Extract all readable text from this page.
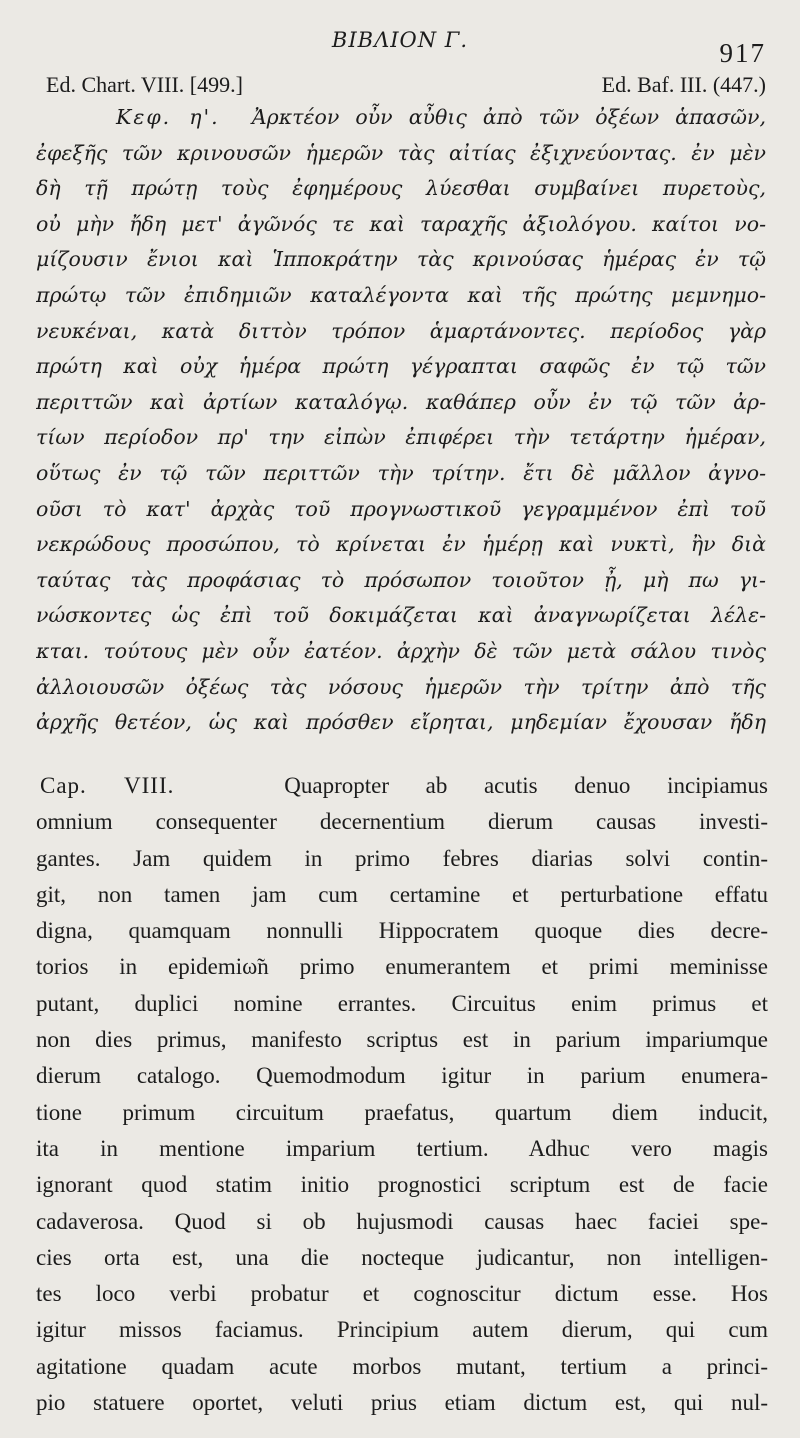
ΒΙΒΛΙΟΝ Γ.	917
Ed. Chart. VIII. [499.]	Ed. Baf. III. (447.)
Κεφ. η'. Ἀρκτέον οὖν αὖθις ἀπὸ τῶν ὀξέων ἁπασῶν,
ἐφεξῆς τῶν κρινουσῶν ἡμερῶν τὰς αἰτίας ἐξιχνεύοντας. ἐν μὲν
δὴ τῇ πρώτῃ τοὺς ἐφημέρους λύεσθαι συμβαίνει πυρετοὺς,
οὐ μὴν ἤδη μετ' ἀγῶνός τε καὶ ταραχῆς ἀξιολόγου. καίτοι νο-
μίζουσιν ἔνιοι καὶ Ἱπποκράτην τὰς κρινούσας ἡμέρας ἐν τῷ
πρώτῳ τῶν ἐπιδημιῶν καταλέγοντα καὶ τῆς πρώτης μεμνημο-
νευκέναι, κατὰ διττὸν τρόπον ἁμαρτάνοντες. περίοδος γὰρ
πρώτη καὶ οὐχ ἡμέρα πρώτη γέγραπται σαφῶς ἐν τῷ τῶν
περιττῶν καὶ ἀρτίων καταλόγῳ. καθάπερ οὖν ἐν τῷ τῶν ἀρ-
τίων περίοδον πρ' την εἰπὼν ἐπιφέρει τὴν τετάρτην ἡμέραν,
οὕτως ἐν τῷ τῶν περιττῶν τὴν τρίτην. ἔτι δὲ μᾶλλον ἀγνο-
οῦσι τὸ κατ' ἀρχὰς τοῦ προγνωστικοῦ γεγραμμένον ἐπὶ τοῦ
νεκρώδους προσώπου, τὸ κρίνεται ἐν ἡμέρῃ καὶ νυκτὶ, ἢν διὰ
ταύτας τὰς προφάσιας τὸ πρόσωπον τοιοῦτον ᾖ, μὴ πω γι-
νώσκοντες ὡς ἐπὶ τοῦ δοκιμάζεται καὶ ἀναγνωρίζεται λέλε-
κται. τούτους μὲν οὖν ἐατέον. ἀρχὴν δὲ τῶν μετὰ σάλου τινὸς
ἀλλοιουσῶν ὀξέως τὰς νόσους ἡμερῶν τὴν τρίτην ἀπὸ τῆς
ἀρχῆς θετέον, ὡς καὶ πρόσθεν εἴρηται, μηδεμίαν ἔχουσαν ἤδη
Cap. VIII.	Quapropter ab acutis denuo incipiamus
omnium consequenter decernentium dierum causas investi-
gantes. Jam quidem in primo febres diarias solvi contin-
git, non tamen jam cum certamine et perturbatione effatu
digna, quamquam nonnulli Hippocratem quoque dies decre-
torios in epidemiω̃n primo enumerantem et primi meminisse
putant, duplici nomine errantes. Circuitus enim primus et
non dies primus, manifesto scriptus est in parium impariumque
dierum catalogo. Quemodmodum igitur in parium enumera-
tione primum circuitum praefatus, quartum diem inducit,
ita in mentione imparium tertium. Adhuc vero magis
ignorant quod statim initio prognostici scriptum est de facie
cadaverosa. Quod si ob hujusmodi causas haec faciei spe-
cies orta est, una die nocteque judicantur, non intelligen-
tes loco verbi probatur et cognoscitur dictum esse. Hos
igitur missos faciamus. Principium autem dierum, qui cum
agitatione quadam acute morbos mutant, tertium a princi-
pio statuere oportet, veluti prius etiam dictum est, qui nul-
